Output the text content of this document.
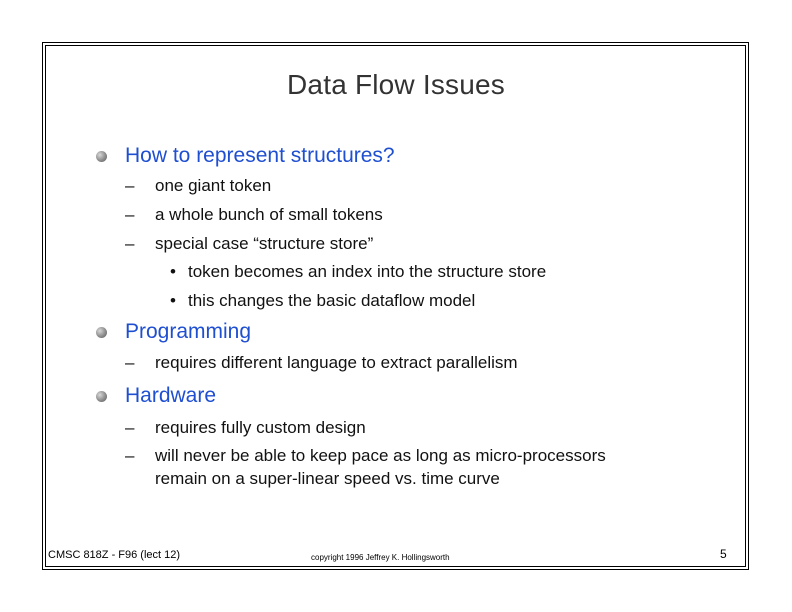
Data Flow Issues
How to represent structures?
–	one giant token
–	a whole bunch of small tokens
–	special case “structure store”
• token becomes an index into the structure store
• this changes the basic dataflow model
Programming
–	requires different language to extract parallelism
Hardware
–	requires fully custom design
–	will never be able to keep pace as long as micro-processors
remain on a super-linear speed vs. time curve
CMSC 818Z - F96 (lect 12)	copyright 1996 Jeffrey K. Hollingsworth	5
